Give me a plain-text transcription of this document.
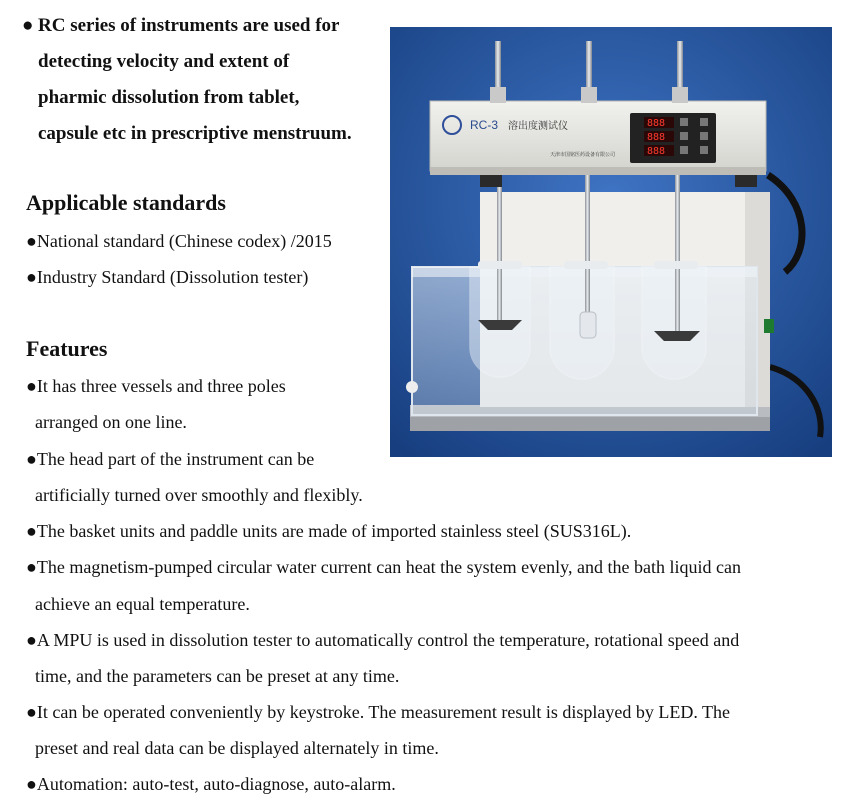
● RC series of instruments are used for
detecting velocity and extent of
pharmic dissolution from tablet,
capsule etc in prescriptive menstruum.
Applicable standards
●National standard (Chinese codex) /2015
●Industry Standard (Dissolution tester)
Features
●It has three vessels and three poles
arranged on one line.
●The head part of the instrument can be
artificially turned over smoothly and flexibly.
●The basket units and paddle units are made of imported stainless steel (SUS316L).
●The magnetism-pumped circular water current can heat the system evenly, and the bath liquid can
achieve an equal temperature.
●A MPU is used in dissolution tester to automatically control the temperature, rotational speed and
time, and the parameters can be preset at any time.
●It can be operated conveniently by keystroke. The measurement result is displayed by LED. The
preset and real data can be displayed alternately in time.
●Automation: auto-test, auto-diagnose, auto-alarm.
RC-3 溶出度测试仪
天津市国铭医药设备有限公司
888
888
888
